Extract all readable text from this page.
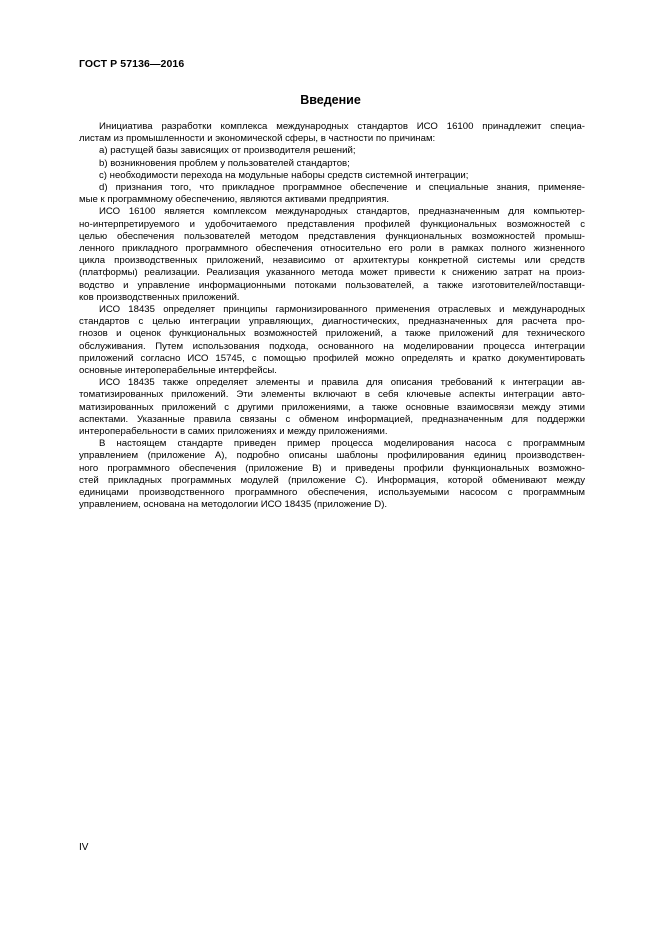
ГОСТ Р 57136—2016
Введение
Инициатива разработки комплекса международных стандартов ИСО 16100 принадлежит специа-
листам из промышленности и экономической сферы, в частности по причинам:
a) растущей базы зависящих от производителя решений;
b) возникновения проблем у пользователей стандартов;
c) необходимости перехода на модульные наборы средств системной интеграции;
d) признания того, что прикладное программное обеспечение и специальные знания, применяе-
мые к программному обеспечению, являются активами предприятия.
ИСО 16100 является комплексом международных стандартов, предназначенным для компьютер-
но-интерпретируемого и удобочитаемого представления профилей функциональных возможностей с
целью обеспечения пользователей методом представления функциональных возможностей промыш-
ленного прикладного программного обеспечения относительно его роли в рамках полного жизненного
цикла производственных приложений, независимо от архитектуры конкретной системы или средств
(платформы) реализации. Реализация указанного метода может привести к снижению затрат на произ-
водство и управление информационными потоками пользователей, а также изготовителей/поставщи-
ков производственных приложений.
ИСО 18435 определяет принципы гармонизированного применения отраслевых и международных
стандартов с целью интеграции управляющих, диагностических, предназначенных для расчета про-
гнозов и оценок функциональных возможностей приложений, а также приложений для технического
обслуживания. Путем использования подхода, основанного на моделировании процесса интеграции
приложений согласно ИСО 15745, с помощью профилей можно определять и кратко документировать
основные интероперабельные интерфейсы.
ИСО 18435 также определяет элементы и правила для описания требований к интеграции ав-
томатизированных приложений. Эти элементы включают в себя ключевые аспекты интеграции авто-
матизированных приложений с другими приложениями, а также основные взаимосвязи между этими
аспектами. Указанные правила связаны с обменом информацией, предназначенным для поддержки
интероперабельности в самих приложениях и между приложениями.
В настоящем стандарте приведен пример процесса моделирования насоса с программным
управлением (приложение А), подробно описаны шаблоны профилирования единиц производствен-
ного программного обеспечения (приложение В) и приведены профили функциональных возможно-
стей прикладных программных модулей (приложение С). Информация, которой обменивают между
единицами производственного программного обеспечения, используемыми насосом с программным
управлением, основана на методологии ИСО 18435 (приложение D).
IV
